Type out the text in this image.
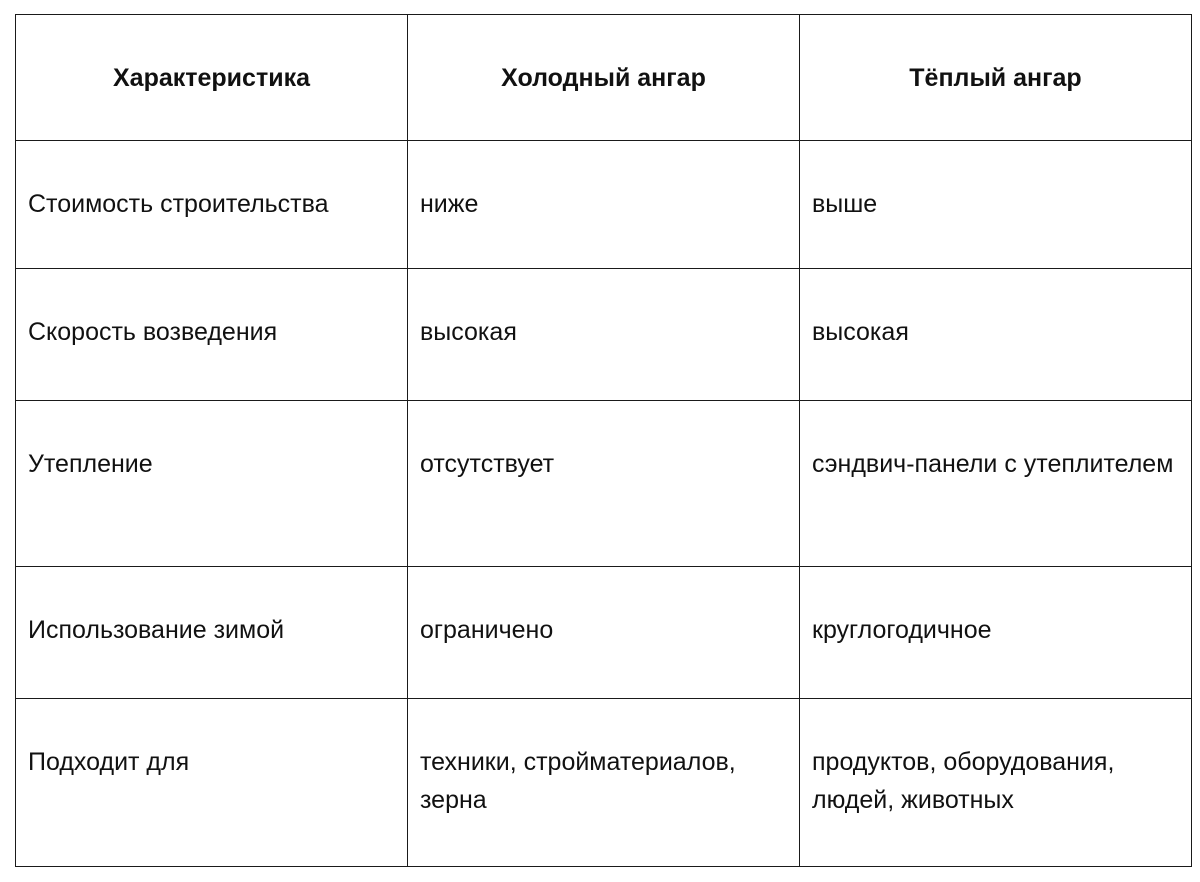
Характеристика	Холодный ангар	Тёплый ангар
Стоимость строительства	ниже	выше
Скорость возведения	высокая	высокая
Утепление	отсутствует	сэндвич-панели с утеплителем
Использование зимой	ограничено	круглогодичное
Подходит для	техники, стройматериалов, зерна	продуктов, оборудования, людей, животных
